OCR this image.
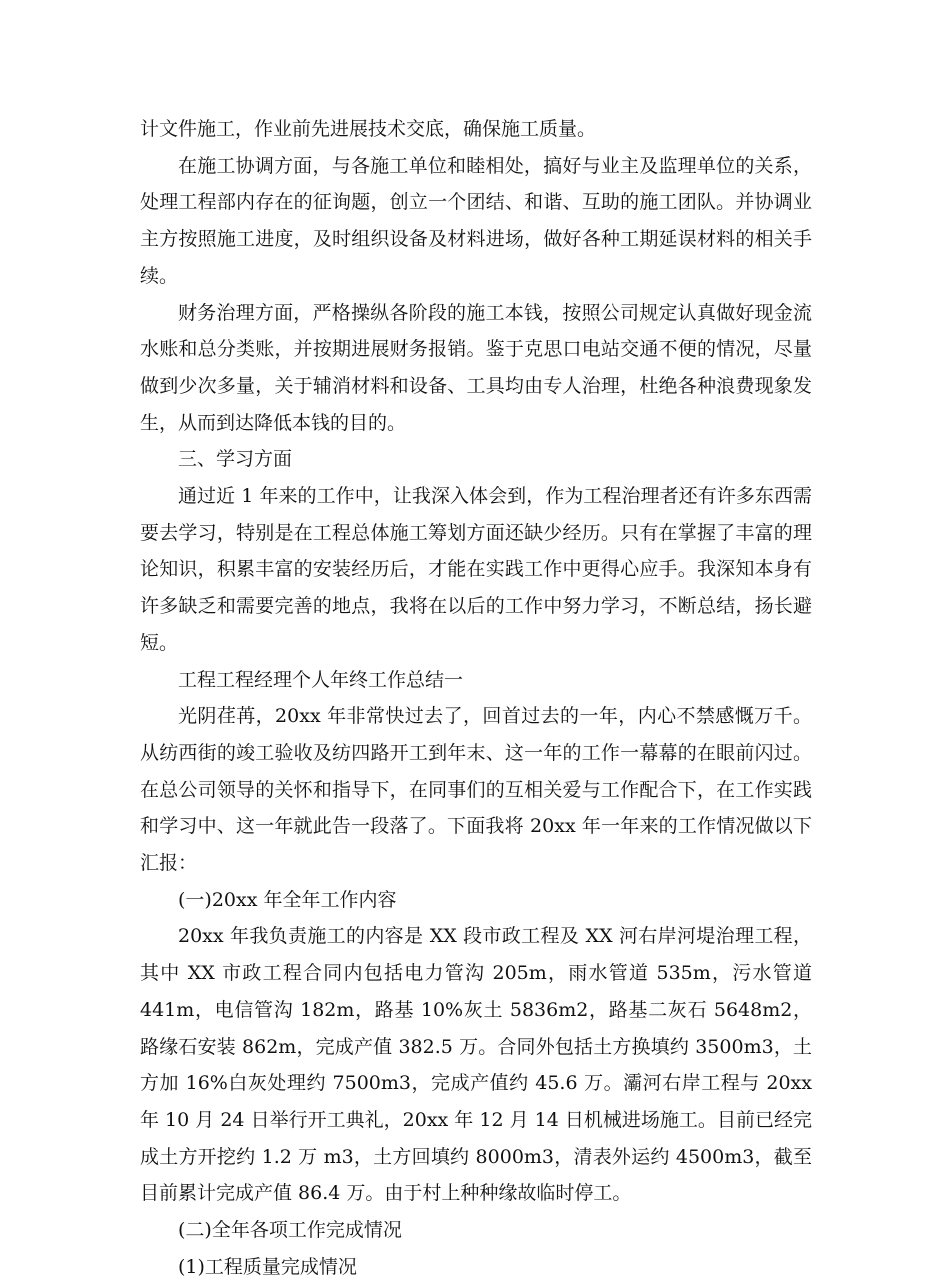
计文件施工，作业前先进展技术交底，确保施工质量。

在施工协调方面，与各施工单位和睦相处，搞好与业主及监理单位的关系，处理工程部内存在的征询题，创立一个团结、和谐、互助的施工团队。并协调业主方按照施工进度，及时组织设备及材料进场，做好各种工期延误材料的相关手续。

财务治理方面，严格操纵各阶段的施工本钱，按照公司规定认真做好现金流水账和总分类账，并按期进展财务报销。鉴于克思口电站交通不便的情况，尽量做到少次多量，关于辅消材料和设备、工具均由专人治理，杜绝各种浪费现象发生，从而到达降低本钱的目的。

三、学习方面

通过近 1 年来的工作中，让我深入体会到，作为工程治理者还有许多东西需要去学习，特别是在工程总体施工筹划方面还缺少经历。只有在掌握了丰富的理论知识，积累丰富的安装经历后，才能在实践工作中更得心应手。我深知本身有许多缺乏和需要完善的地点，我将在以后的工作中努力学习，不断总结，扬长避短。

工程工程经理个人年终工作总结一

光阴荏苒，20xx 年非常快过去了，回首过去的一年，内心不禁感慨万千。从纺西街的竣工验收及纺四路开工到年末、这一年的工作一幕幕的在眼前闪过。在总公司领导的关怀和指导下，在同事们的互相关爱与工作配合下，在工作实践和学习中、这一年就此告一段落了。下面我将 20xx 年一年来的工作情况做以下汇报：

(一)20xx 年全年工作内容

20xx 年我负责施工的内容是 XX 段市政工程及 XX 河右岸河堤治理工程，其中 XX 市政工程合同内包括电力管沟 205m，雨水管道 535m，污水管道 441m，电信管沟 182m，路基 10%灰土 5836m2，路基二灰石 5648m2，路缘石安装 862m，完成产值 382.5 万。合同外包括土方换填约 3500m3，土方加 16%白灰处理约 7500m3，完成产值约 45.6 万。灞河右岸工程与 20xx 年 10 月 24 日举行开工典礼，20xx 年 12 月 14 日机械进场施工。目前已经完成土方开挖约 1.2 万 m3，土方回填约 8000m3，清表外运约 4500m3，截至目前累计完成产值 86.4 万。由于村上种种缘故临时停工。

(二)全年各项工作完成情况

(1)工程质量完成情况
